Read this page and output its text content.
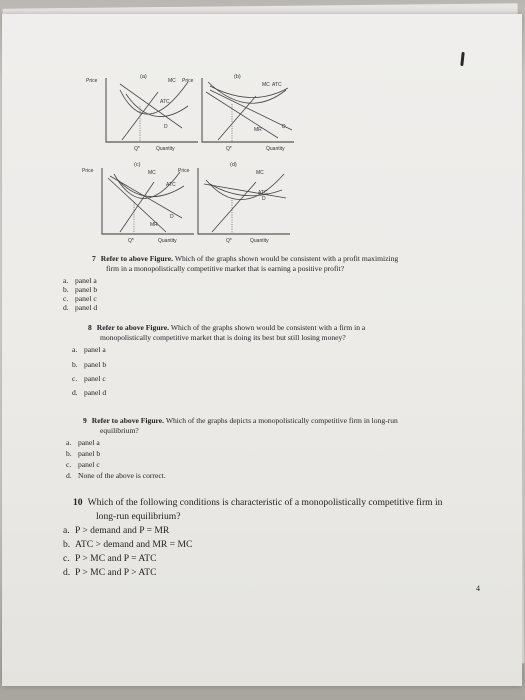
(a)
Price	MC
ATC
D
Q*	Quantity
(b)
Price
MC ATC
MR	D
Q*	Quantity
(c)
Price	MC
ATC
MR
D
Q*	Quantity
(d)
Price	MC
ATC
D
Q*	Quantity
7 Refer to above Figure. Which of the graphs shown would be consistent with a profit maximizing
firm in a monopolistically competitive market that is earning a positive profit?
a. panel a
b. panel b
c. panel c
d. panel d
8 Refer to above Figure. Which of the graphs shown would be consistent with a firm in a
monopolistically competitive market that is doing its best but still losing money?
a. panel a
b. panel b
c. panel c
d. panel d
9 Refer to above Figure. Which of the graphs depicts a monopolistically competitive firm in long-run
equilibrium?
a. panel a
b. panel b
c. panel c
d. None of the above is correct.
10 Which of the following conditions is characteristic of a monopolistically competitive firm in
long-run equilibrium?
a. P > demand and P = MR
b. ATC > demand and MR = MC
c. P > MC and P = ATC
d. P > MC and P > ATC
4
